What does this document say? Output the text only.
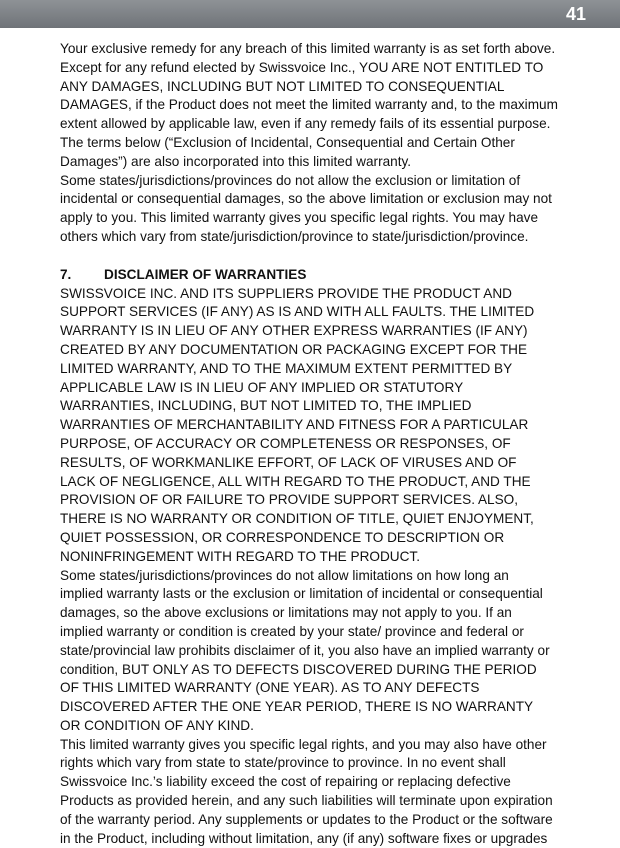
41
Your exclusive remedy for any breach of this limited warranty is as set forth above.
Except for any refund elected by Swissvoice Inc., YOU ARE NOT ENTITLED TO
ANY DAMAGES, INCLUDING BUT NOT LIMITED TO CONSEQUENTIAL
DAMAGES, if the Product does not meet the limited warranty and, to the maximum
extent allowed by applicable law, even if any remedy fails of its essential purpose.
The terms below (“Exclusion of Incidental, Consequential and Certain Other
Damages”) are also incorporated into this limited warranty.
Some states/jurisdictions/provinces do not allow the exclusion or limitation of
incidental or consequential damages, so the above limitation or exclusion may not
apply to you. This limited warranty gives you specific legal rights. You may have
others which vary from state/jurisdiction/province to state/jurisdiction/province.
7. DISCLAIMER OF WARRANTIES
SWISSVOICE INC. AND ITS SUPPLIERS PROVIDE THE PRODUCT AND
SUPPORT SERVICES (IF ANY) AS IS AND WITH ALL FAULTS. THE LIMITED
WARRANTY IS IN LIEU OF ANY OTHER EXPRESS WARRANTIES (IF ANY)
CREATED BY ANY DOCUMENTATION OR PACKAGING EXCEPT FOR THE
LIMITED WARRANTY, AND TO THE MAXIMUM EXTENT PERMITTED BY
APPLICABLE LAW IS IN LIEU OF ANY IMPLIED OR STATUTORY
WARRANTIES, INCLUDING, BUT NOT LIMITED TO, THE IMPLIED
WARRANTIES OF MERCHANTABILITY AND FITNESS FOR A PARTICULAR
PURPOSE, OF ACCURACY OR COMPLETENESS OR RESPONSES, OF
RESULTS, OF WORKMANLIKE EFFORT, OF LACK OF VIRUSES AND OF
LACK OF NEGLIGENCE, ALL WITH REGARD TO THE PRODUCT, AND THE
PROVISION OF OR FAILURE TO PROVIDE SUPPORT SERVICES. ALSO,
THERE IS NO WARRANTY OR CONDITION OF TITLE, QUIET ENJOYMENT,
QUIET POSSESSION, OR CORRESPONDENCE TO DESCRIPTION OR
NONINFRINGEMENT WITH REGARD TO THE PRODUCT.
Some states/jurisdictions/provinces do not allow limitations on how long an
implied warranty lasts or the exclusion or limitation of incidental or consequential
damages, so the above exclusions or limitations may not apply to you. If an
implied warranty or condition is created by your state/ province and federal or
state/provincial law prohibits disclaimer of it, you also have an implied warranty or
condition, BUT ONLY AS TO DEFECTS DISCOVERED DURING THE PERIOD
OF THIS LIMITED WARRANTY (ONE YEAR). AS TO ANY DEFECTS
DISCOVERED AFTER THE ONE YEAR PERIOD, THERE IS NO WARRANTY
OR CONDITION OF ANY KIND.
This limited warranty gives you specific legal rights, and you may also have other
rights which vary from state to state/province to province. In no event shall
Swissvoice Inc.’s liability exceed the cost of repairing or replacing defective
Products as provided herein, and any such liabilities will terminate upon expiration
of the warranty period. Any supplements or updates to the Product or the software
in the Product, including without limitation, any (if any) software fixes or upgrades
